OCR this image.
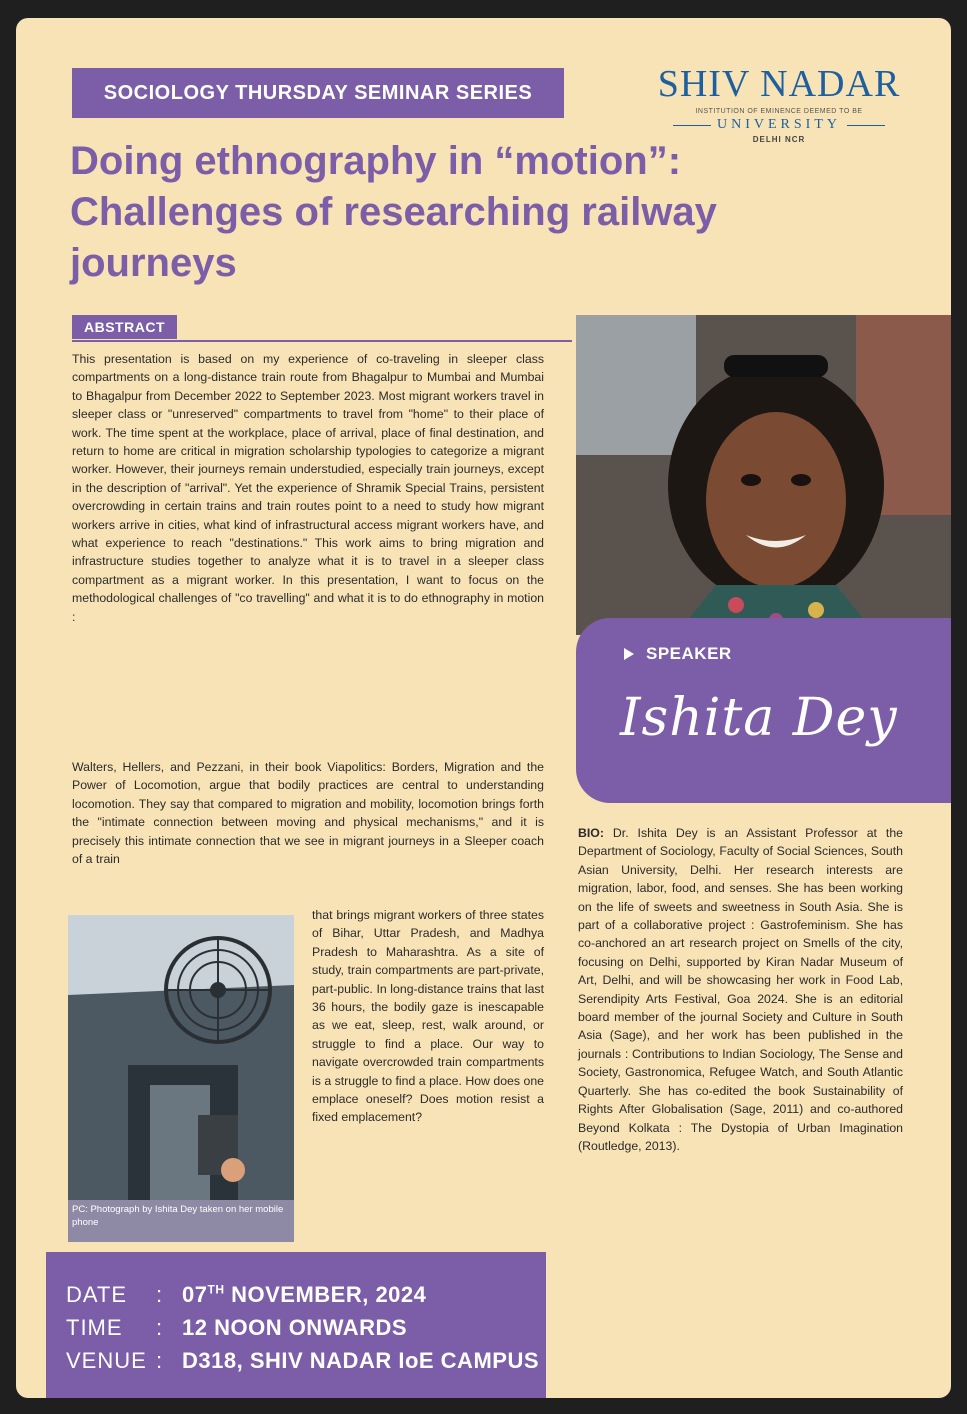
SOCIOLOGY THURSDAY SEMINAR SERIES	SHIV NADAR
INSTITUTION OF EMINENCE DEEMED TO BE
UNIVERSITY
DELHI NCR
Doing ethnography in “motion”: Challenges of researching railway journeys
ABSTRACT

This presentation is based on my experience of co-traveling in sleeper class compartments on a long-distance train route from Bhagalpur to Mumbai and Mumbai to Bhagalpur from December 2022 to September 2023. Most migrant workers travel in sleeper class or "unreserved" compartments to travel from "home" to their place of work. The time spent at the workplace, place of arrival, place of final destination, and return to home are critical in migration scholarship typologies to categorize a migrant worker. However, their journeys remain understudied, especially train journeys, except in the description of "arrival". Yet the experience of Shramik Special Trains, persistent overcrowding in certain trains and train routes point to a need to study how migrant workers arrive in cities, what kind of infrastructural access migrant workers have, and what experience to reach "destinations." This work aims to bring migration and infrastructure studies together to analyze what it is to travel in a sleeper class compartment as a migrant worker. In this presentation, I want to focus on the methodological challenges of "co travelling" and what it is to do ethnography in motion :

Walters, Hellers, and Pezzani, in their book Viapolitics: Borders, Migration and the Power of Locomotion, argue that bodily practices are central to understanding locomotion. They say that compared to migration and mobility, locomotion brings forth the "intimate connection between moving and physical mechanisms," and it is precisely this intimate connection that we see in migrant journeys in a Sleeper coach of a train

that brings migrant workers of three states of Bihar, Uttar Pradesh, and Madhya Pradesh to Maharashtra. As a site of study, train compartments are part-private, part-public. In long-distance trains that last 36 hours, the bodily gaze is inescapable as we eat, sleep, rest, walk around, or struggle to find a place. Our way to navigate overcrowded train compartments is a struggle to find a place. How does one emplace oneself? Does motion resist a fixed emplacement?

PC: Photograph by Ishita Dey taken on her mobile phone
SPEAKER
Ishita Dey

BIO: Dr. Ishita Dey is an Assistant Professor at the Department of Sociology, Faculty of Social Sciences, South Asian University, Delhi. Her research interests are migration, labor, food, and senses. She has been working on the life of sweets and sweetness in South Asia. She is part of a collaborative project : Gastrofeminism. She has co-anchored an art research project on Smells of the city, focusing on Delhi, supported by Kiran Nadar Museum of Art, Delhi, and will be showcasing her work in Food Lab, Serendipity Arts Festival, Goa 2024. She is an editorial board member of the journal Society and Culture in South Asia (Sage), and her work has been published in the journals : Contributions to Indian Sociology, The Sense and Society, Gastronomica, Refugee Watch, and South Atlantic Quarterly. She has co-edited the book Sustainability of Rights After Globalisation (Sage, 2011) and co-authored Beyond Kolkata : The Dystopia of Urban Imagination (Routledge, 2013).

DATE	: 07TH NOVEMBER, 2024
TIME	: 12 NOON ONWARDS
VENUE : D318, SHIV NADAR IoE CAMPUS
